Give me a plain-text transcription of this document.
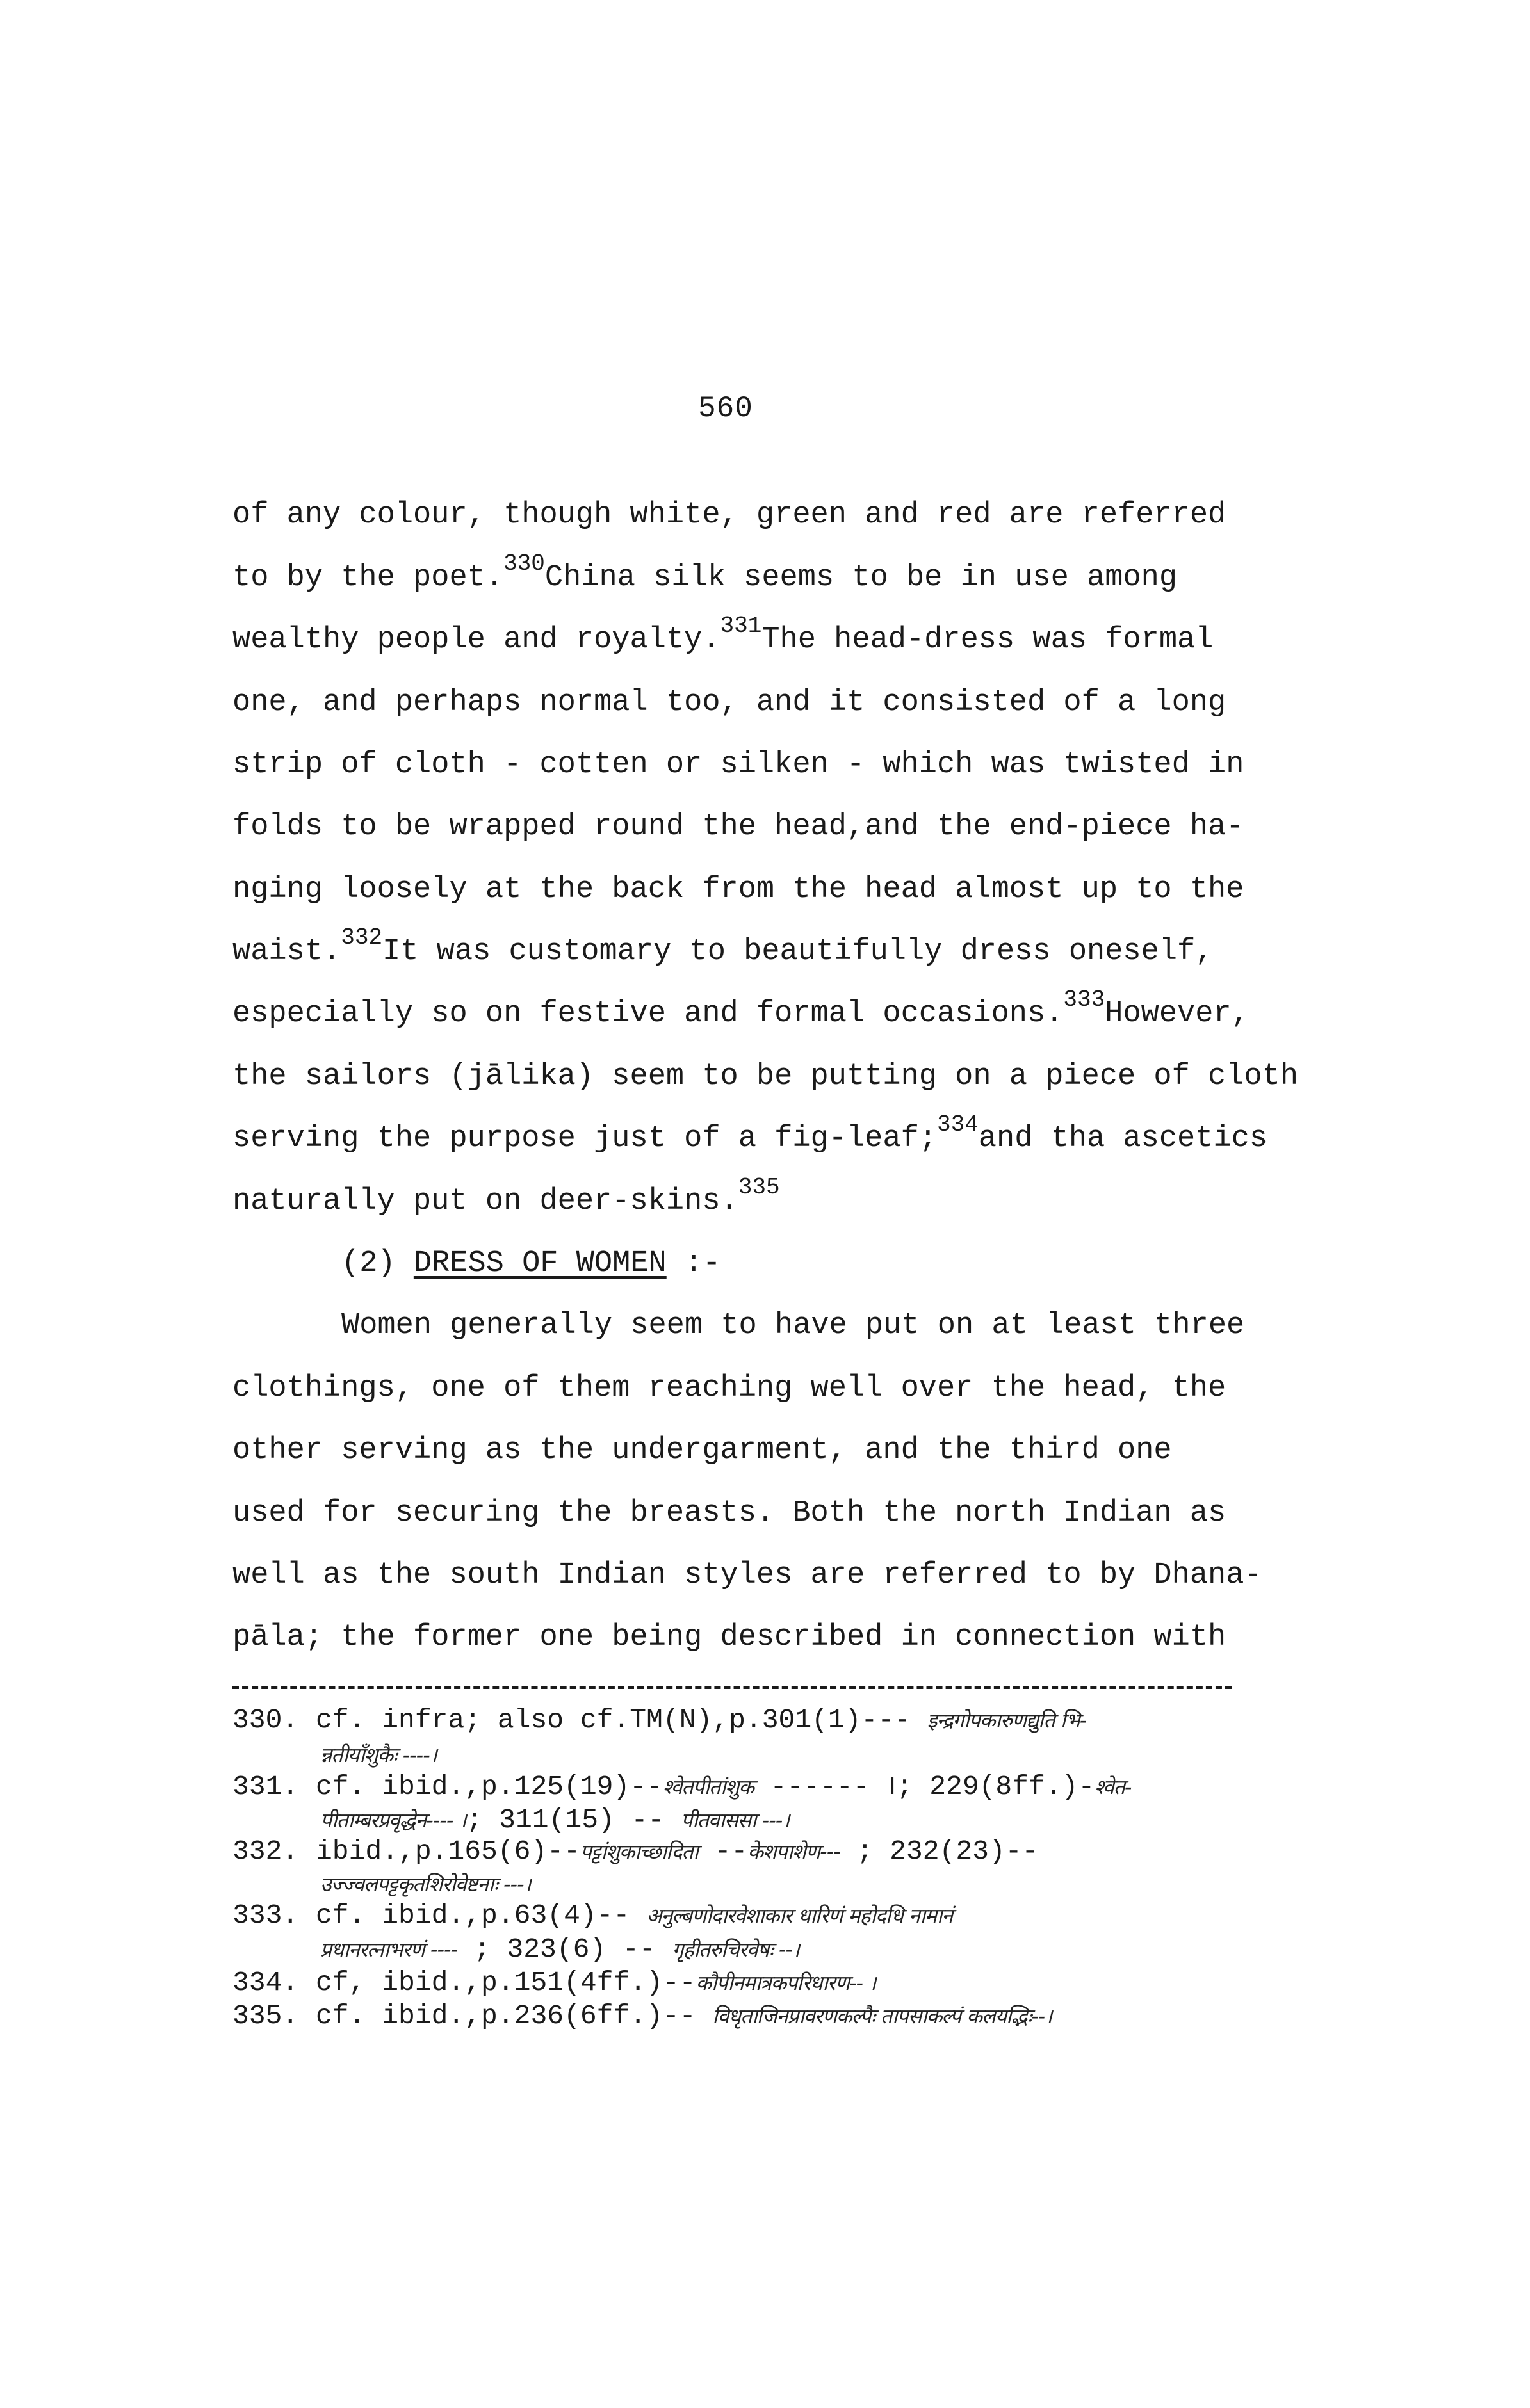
560
of any colour, though white, green and red are referred
to by the poet.$^{330}$China silk seems to be in use among
wealthy people and royalty.$^{331}$The head-dress was formal
one, and perhaps normal too, and it consisted of a long
strip of cloth - cotten or silken - which was twisted in
folds to be wrapped round the head,and the end-piece ha-
nging loosely at the back from the head almost up to the
waist.$^{332}$It was customary to beautifully dress oneself,
especially so on festive and formal occasions.$^{333}$However,
the sailors (jālika) seem to be putting on a piece of cloth
serving the purpose just of a fig-leaf;$^{334}$and tha ascetics
naturally put on deer-skins.$^{335}$
(2) DRESS OF WOMEN :-
Women generally seem to have put on at least three
clothings, one of them reaching well over the head, the
other serving as the undergarment, and the third one
used for securing the breasts. Both the north Indian as
well as the south Indian styles are referred to by Dhana-
pāla; the former one being described in connection with
330. cf. infra; also cf.TM(N),p.301(1)--- इन्द्रगोपकारुणद्युति भि-
न्नतीयाँशुकैः ----।
331. cf. ibid.,p.125(19)--श्वेतपीतांशुक ------ ।; 229(8ff.)-श्वेत-
पीताम्बरप्रवृद्धेन---- ।; 311(15) -- पीतवाससा ---।
332. ibid.,p.165(6)--पट्टांशुकाच्छादिता --केशपाशेण--- ; 232(23)--
उज्ज्वलपट्टकृतशिरोवेष्टनाः ---।
333. cf. ibid.,p.63(4)-- अनुल्बणोदारवेशाकार धारिणं महोदधि नामानं
प्रधानरत्नाभरणं ---- ; 323(6) -- गृहीतरुचिरवेषः --।
334. cf, ibid.,p.151(4ff.)--कौपीनमात्रकपरिधारण-- ।
335. cf. ibid.,p.236(6ff.)-- विधृताजिनप्रावरणकल्पैः तापसाकल्पं कलयद्भिः--।
